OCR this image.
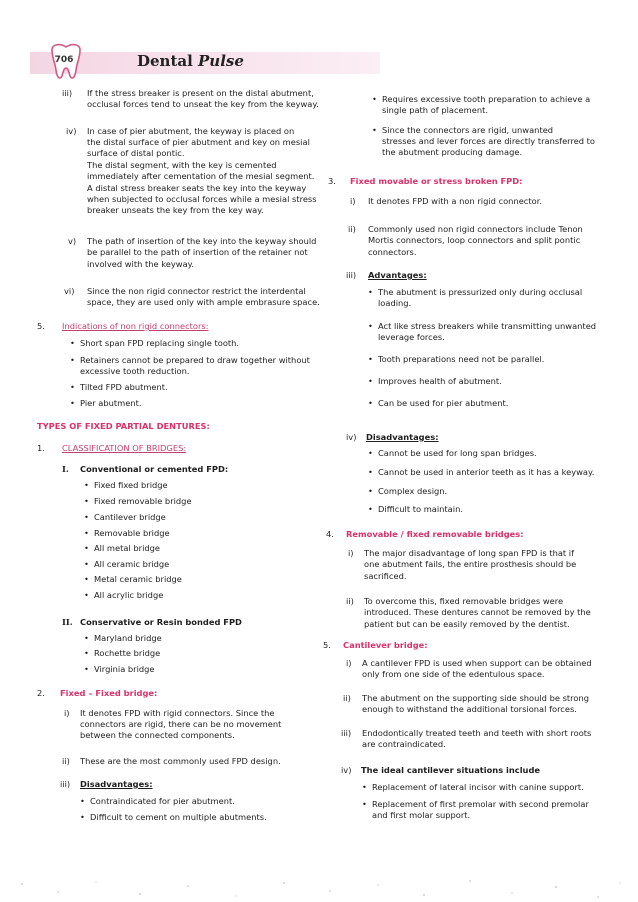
706	Dental Pulse
iii) If the stress breaker is present on the distal abutment,
occlusal forces tend to unseat the key from the keyway.
iv) In case of pier abutment, the keyway is placed on
the distal surface of pier abutment and key on mesial
surface of distal pontic.
The distal segment, with the key is cemented
immediately after cementation of the mesial segment.
A distal stress breaker seats the key into the keyway
when subjected to occlusal forces while a mesial stress
breaker unseats the key from the key way.
v) The path of insertion of the key into the keyway should
be parallel to the path of insertion of the retainer not
involved with the keyway.
vi) Since the non rigid connector restrict the interdental
space, they are used only with ample embrasure space.
5. Indications of non rigid connectors:
• Short span FPD replacing single tooth.
• Retainers cannot be prepared to draw together without
excessive tooth reduction.
• Tilted FPD abutment.
• Pier abutment.
TYPES OF FIXED PARTIAL DENTURES:
1. CLASSIFICATION OF BRIDGES:
I. Conventional or cemented FPD:
• Fixed fixed bridge
• Fixed removable bridge
• Cantilever bridge
• Removable bridge
• All metal bridge
• All ceramic bridge
• Metal ceramic bridge
• All acrylic bridge
II. Conservative or Resin bonded FPD
• Maryland bridge
• Rochette bridge
• Virginia bridge
2. Fixed – Fixed bridge:
i) It denotes FPD with rigid connectors. Since the
connectors are rigid, there can be no movement
between the connected components.
ii) These are the most commonly used FPD design.
iii) Disadvantages:
• Contraindicated for pier abutment.
• Difficult to cement on multiple abutments.
• Requires excessive tooth preparation to achieve a
single path of placement.
• Since the connectors are rigid, unwanted
stresses and lever forces are directly transferred to
the abutment producing damage.
3. Fixed movable or stress broken FPD:
i) It denotes FPD with a non rigid connector.
ii) Commonly used non rigid connectors include Tenon
Mortis connectors, loop connectors and split pontic
connectors.
iii) Advantages:
• The abutment is pressurized only during occlusal
loading.
• Act like stress breakers while transmitting unwanted
leverage forces.
• Tooth preparations need not be parallel.
• Improves health of abutment.
• Can be used for pier abutment.
iv) Disadvantages:
• Cannot be used for long span bridges.
• Cannot be used in anterior teeth as it has a keyway.
• Complex design.
• Difficult to maintain.
4. Removable / fixed removable bridges:
i) The major disadvantage of long span FPD is that if
one abutment fails, the entire prosthesis should be
sacrificed.
ii) To overcome this, fixed removable bridges were
introduced. These dentures cannot be removed by the
patient but can be easily removed by the dentist.
5. Cantilever bridge:
i) A cantilever FPD is used when support can be obtained
only from one side of the edentulous space.
ii) The abutment on the supporting side should be strong
enough to withstand the additional torsional forces.
iii) Endodontically treated teeth and teeth with short roots
are contraindicated.
iv) The ideal cantilever situations include
• Replacement of lateral incisor with canine support.
• Replacement of first premolar with second premolar
and first molar support.
